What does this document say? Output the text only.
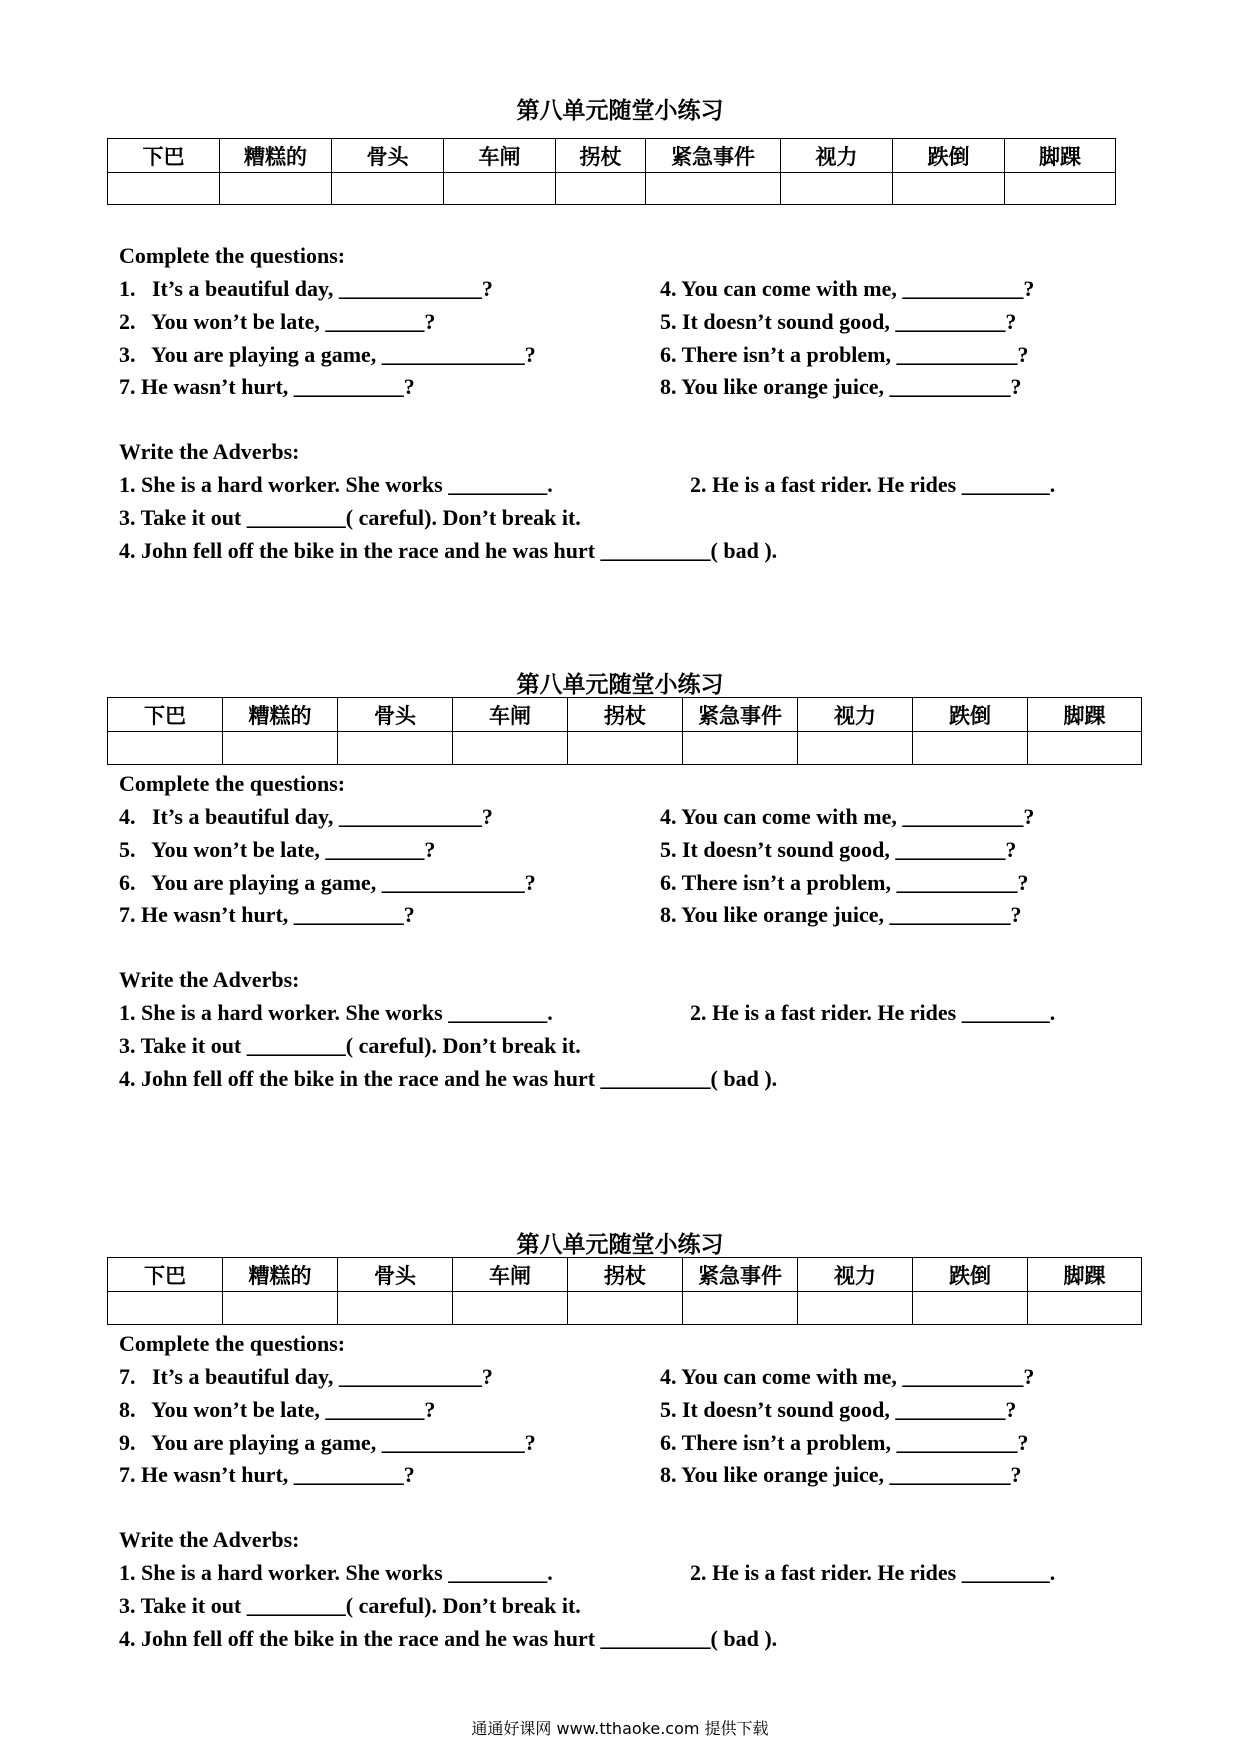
第八单元随堂小练习
下巴	糟糕的	骨头	车闸	拐杖	紧急事件	视力	跌倒	脚踝

Complete the questions:
1.   It’s a beautiful day, _____________?
2.   You won’t be late, _________?
3.   You are playing a game, _____________?
7. He wasn’t hurt, __________?
4. You can come with me, ___________?
5. It doesn’t sound good, __________?
6. There isn’t a problem, ___________?
8. You like orange juice, ___________?
Write the Adverbs:
1. She is a hard worker. She works _________.	2. He is a fast rider. He rides ________.
3. Take it out _________( careful). Don’t break it.
4. John fell off the bike in the race and he was hurt __________( bad ).
第八单元随堂小练习
下巴	糟糕的	骨头	车闸	拐杖	紧急事件	视力	跌倒	脚踝

Complete the questions:
4.   It’s a beautiful day, _____________?
5.   You won’t be late, _________?
6.   You are playing a game, _____________?
7. He wasn’t hurt, __________?
4. You can come with me, ___________?
5. It doesn’t sound good, __________?
6. There isn’t a problem, ___________?
8. You like orange juice, ___________?
Write the Adverbs:
1. She is a hard worker. She works _________.	2. He is a fast rider. He rides ________.
3. Take it out _________( careful). Don’t break it.
4. John fell off the bike in the race and he was hurt __________( bad ).
第八单元随堂小练习
下巴	糟糕的	骨头	车闸	拐杖	紧急事件	视力	跌倒	脚踝

Complete the questions:
7.   It’s a beautiful day, _____________?
8.   You won’t be late, _________?
9.   You are playing a game, _____________?
7. He wasn’t hurt, __________?
4. You can come with me, ___________?
5. It doesn’t sound good, __________?
6. There isn’t a problem, ___________?
8. You like orange juice, ___________?
Write the Adverbs:
1. She is a hard worker. She works _________.	2. He is a fast rider. He rides ________.
3. Take it out _________( careful). Don’t break it.
4. John fell off the bike in the race and he was hurt __________( bad ).
通通好课网 www.tthaoke.com 提供下载
